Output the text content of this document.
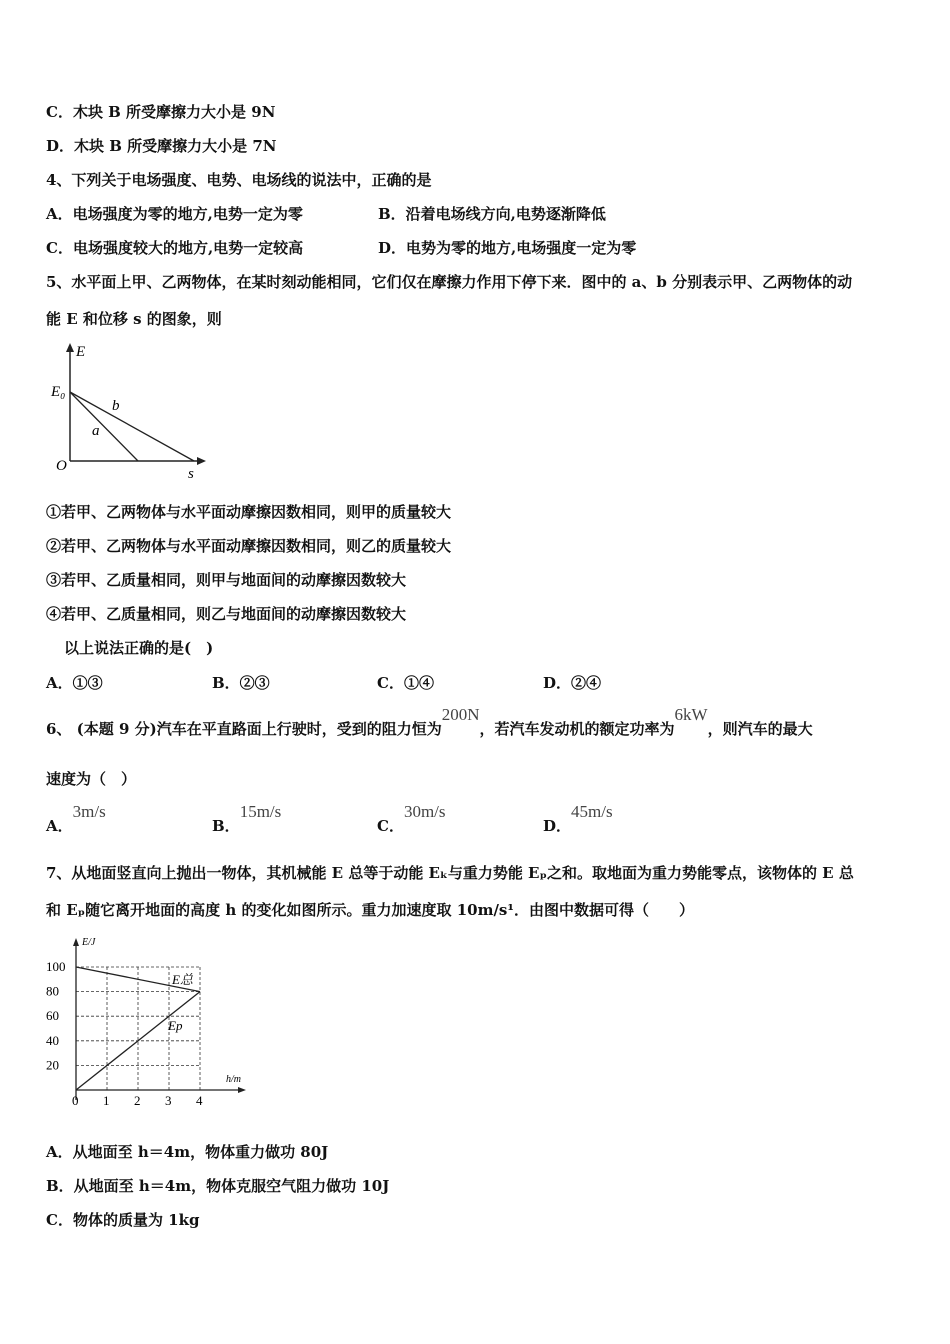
C．木块 B 所受摩擦力大小是 9N
D．木块 B 所受摩擦力大小是 7N
4、下列关于电场强度、电势、电场线的说法中，正确的是
A．电场强度为零的地方,电势一定为零	B．沿着电场线方向,电势逐渐降低
C．电场强度较大的地方,电势一定较高	D．电势为零的地方,电场强度一定为零
5、水平面上甲、乙两物体，在某时刻动能相同，它们仅在摩擦力作用下停下来．图中的 a、b 分别表示甲、乙两物体的动
能 E 和位移 s 的图象，则
E
s
O
E₀
a
b
①若甲、乙两物体与水平面动摩擦因数相同，则甲的质量较大
②若甲、乙两物体与水平面动摩擦因数相同，则乙的质量较大
③若甲、乙质量相同，则甲与地面间的动摩擦因数较大
④若甲、乙质量相同，则乙与地面间的动摩擦因数较大
以上说法正确的是(　)
A．①③	B．②③	C．①④	D．②④
6、 (本题 9 分)汽车在平直路面上行驶时，受到的阻力恒为200N，若汽车发动机的额定功率为6kW，则汽车的最大
速度为（　）
A．3m/s
B．15m/s
C．30m/s
D．45m/s
7、从地面竖直向上抛出一物体，其机械能 E 总等于动能 Eₖ与重力势能 Eₚ之和。取地面为重力势能零点，该物体的 E 总
和 Eₚ随它离开地面的高度 h 的变化如图所示。重力加速度取 10m/s¹．由图中数据可得（　　）
100
80
60
40
20
0 1 2 3 4
E/J
h/m
E总
Ep
A．从地面至 h＝4m，物体重力做功 80J
B．从地面至 h＝4m，物体克服空气阻力做功 10J
C．物体的质量为 1kg
